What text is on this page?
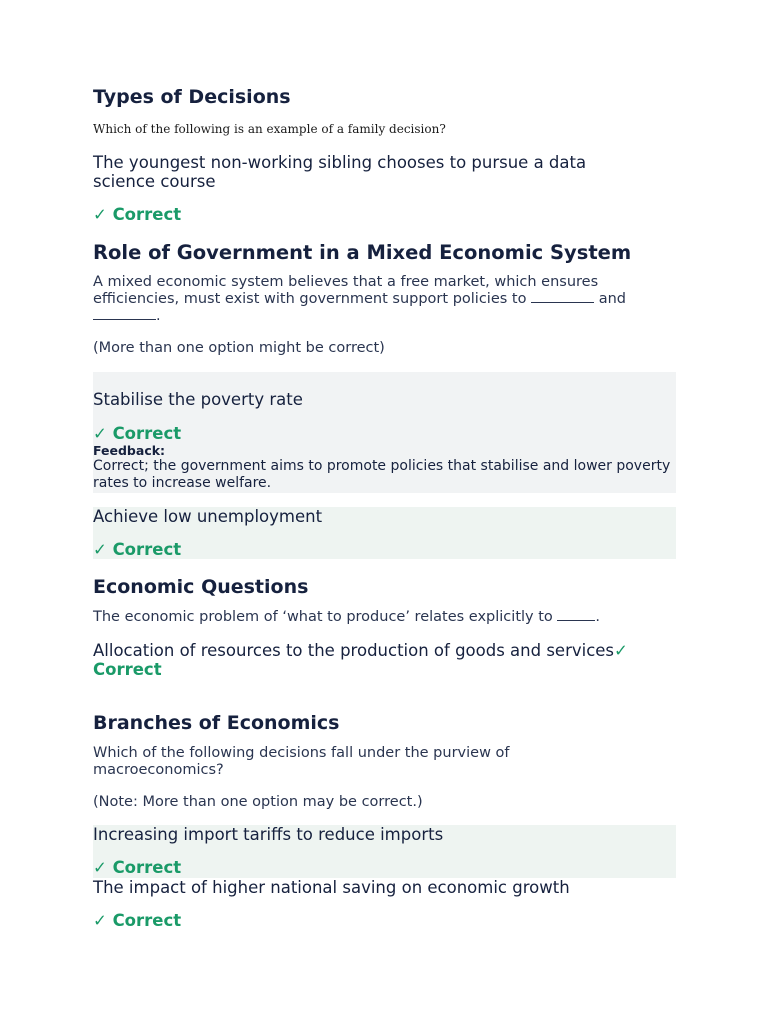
Types of Decisions
Which of the following is an example of a family decision?
The youngest non-working sibling chooses to pursue a data science course
✓ Correct
Role of Government in a Mixed Economic System
A mixed economic system believes that a free market, which ensures efficiencies, must exist with government support policies to	and .
(More than one option might be correct)
Stabilise the poverty rate
✓ Correct
Feedback:
Correct; the government aims to promote policies that stabilise and lower poverty rates to increase welfare.
Achieve low unemployment
✓ Correct
Economic Questions
The economic problem of ‘what to produce’ relates explicitly to	.
Allocation of resources to the production of goods and services✓
Correct
Branches of Economics
Which of the following decisions fall under the purview of macroeconomics?
(Note: More than one option may be correct.)
Increasing import tariffs to reduce imports
✓ Correct
The impact of higher national saving on economic growth
✓ Correct
